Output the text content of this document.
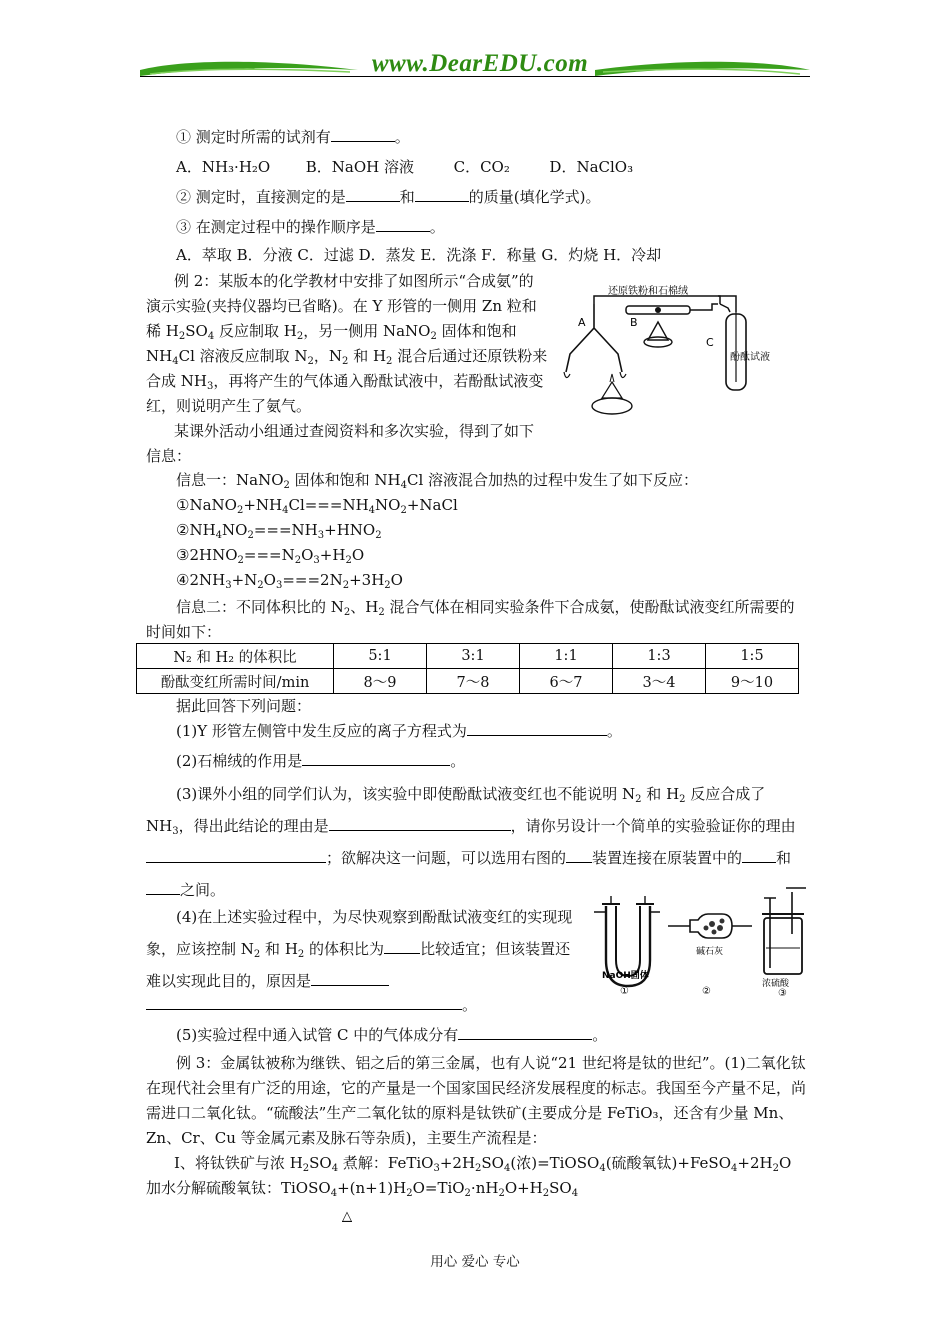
www.DearEDU.com
① 测定时所需的试剂有	。
A．NH₃·H₂O B．NaOH 溶液	C．CO₂	D．NaClO₃
② 测定时，直接测定的是	和	的质量(填化学式)。
③ 在测定过程中的操作顺序是	。
A．萃取 B．分液 C．过滤 D．蒸发 E．洗涤 F．称量 G．灼烧 H．冷却
例 2：某版本的化学教材中安排了如图所示“合成氨”的演示实验(夹持仪器均已省略)。在 Y 形管的一侧用 Zn 粒和稀 $H_2SO_4$ 反应制取 $H_2$，另一侧用 NaNO$_2$ 固体和饱和 $NH_4Cl$ 溶液反应制取 $N_2$，$N_2$ 和 $H_2$ 混合后通过还原铁粉来合成 $NH_3$，再将产生的气体通入酚酞试液中，若酚酞试液变红，则说明产生了氨气。
还原铁粉和石棉绒
A	B
C
酚酞试液
某课外活动小组通过查阅资料和多次实验，得到了如下信息：
信息一：NaNO$_2$ 固体和饱和 $NH_4Cl$ 溶液混合加热的过程中发生了如下反应：
$①NaNO_2+NH_4Cl===NH_4NO_2+NaCl$
$②NH_4NO_2===NH_3+HNO_2$
$③2HNO_2===N_2O_3+H_2O$
$④2NH_3+N_2O_3===2N_2+3H_2O$
信息二：不同体积比的 $N_2$、$H_2$ 混合气体在相同实验条件下合成氨，使酚酞试液变红所需要的时间如下：
N₂ 和 H₂ 的体积比	5:1	3:1	1:1	1:3	1:5
酚酞变红所需时间/min	8～9	7～8	6～7	3～4	9～10
据此回答下列问题：
(1)Y 形管左侧管中发生反应的离子方程式为	。
(2)石棉绒的作用是	。
(3)课外小组的同学们认为，该实验中即使酚酞试液变红也不能说明 $N_2$ 和 $H_2$ 反应合成了 $NH_3$，得出此结论的理由是	，请你另设计一个简单的实验验证你的理由；欲解决这一问题，可以选用右图的 装置连接在原装置中的 和之间。
(4)在上述实验过程中，为尽快观察到酚酞试液变红的实现现象，应该控制 $N_2$ 和 $H_2$ 的体积比为 比较适宜；但该装置还难以实现此目的，原因是
。
NaOH固体
①
碱石灰
②
浓硫酸
③
(5)实验过程中通入试管 C 中的气体成分有	。
例 3：金属钛被称为继铁、铝之后的第三金属，也有人说“21 世纪将是钛的世纪”。(1)二氧化钛在现代社会里有广泛的用途，它的产量是一个国家国民经济发展程度的标志。我国至今产量不足，尚需进口二氧化钛。“硫酸法”生产二氧化钛的原料是钛铁矿(主要成分是 FeTiO₃，还含有少量 Mn、Zn、Cr、Cu 等金属元素及脉石等杂质)，主要生产流程是：
Ⅰ、将钛铁矿与浓 $H_2SO_4$ 煮解：$FeTiO_3+2H_2SO_4$(浓)=TiOSO$_4$(硫酸氧钛)$+FeSO_4+2H_2O$ 加水分解硫酸氧钛：$TiOSO_4+(n+1)H_2O=TiO_2\cdot nH_2O+H_2SO_4$
△
用心 爱心 专心
